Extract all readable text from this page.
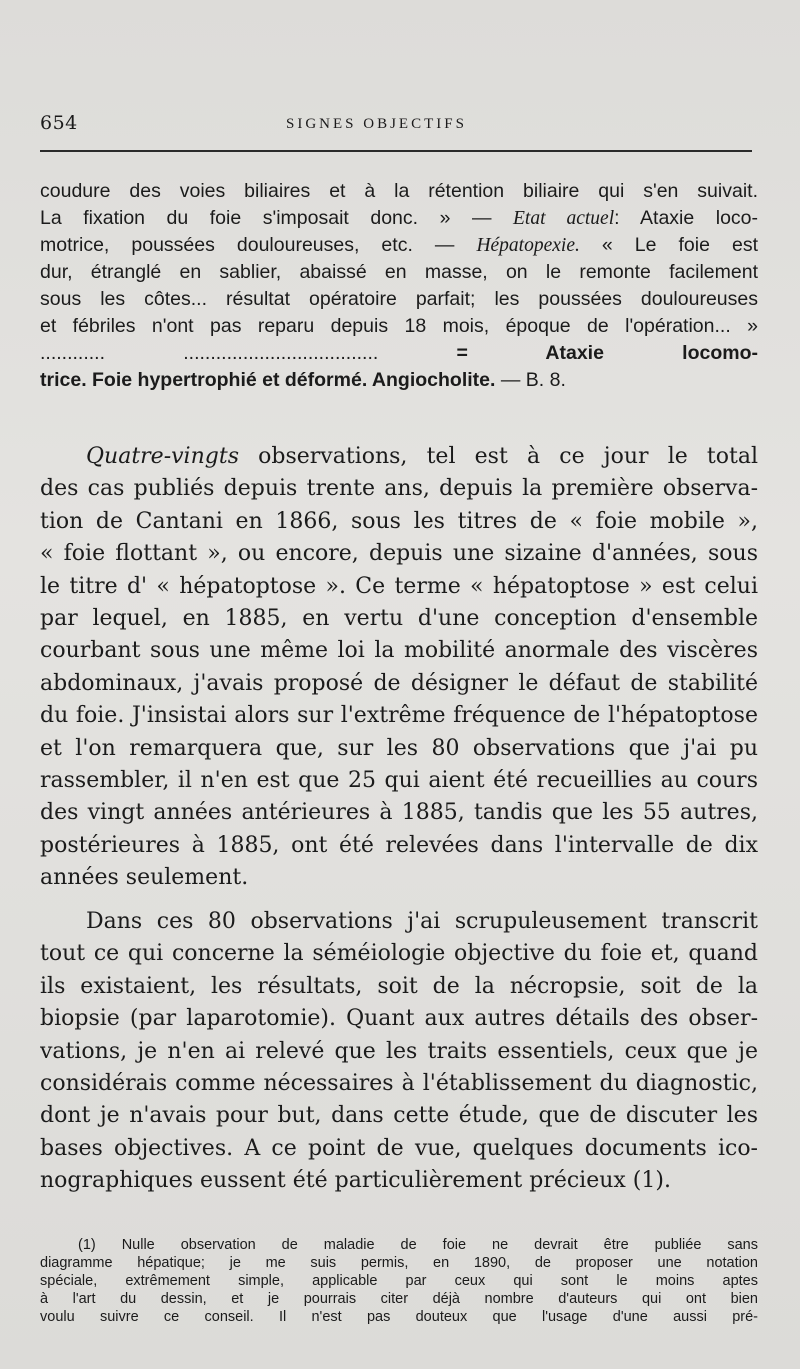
654	SIGNES OBJECTIFS
coudure des voies biliaires et à la rétention biliaire qui s'en suivait.
La fixation du foie s'imposait donc. » — Etat actuel: Ataxie loco-
motrice, poussées douloureuses, etc. — Hépatopexie. « Le foie est
dur, étranglé en sablier, abaissé en masse, on le remonte facilement
sous les côtes... résultat opératoire parfait; les poussées douloureuses
et fébriles n'ont pas reparu depuis 18 mois, époque de l'opération... »
............ .................................... = Ataxie locomo-
trice. Foie hypertrophié et déformé. Angiocholite. — B. 8.
Quatre-vingts observations, tel est à ce jour le total
des cas publiés depuis trente ans, depuis la première observa-
tion de Cantani en 1866, sous les titres de « foie mobile »,
« foie flottant », ou encore, depuis une sizaine d'années, sous
le titre d' « hépatoptose ». Ce terme « hépatoptose » est celui
par lequel, en 1885, en vertu d'une conception d'ensemble
courbant sous une même loi la mobilité anormale des viscères
abdominaux, j'avais proposé de désigner le défaut de stabilité
du foie. J'insistai alors sur l'extrême fréquence de l'hépatoptose
et l'on remarquera que, sur les 80 observations que j'ai pu
rassembler, il n'en est que 25 qui aient été recueillies au cours
des vingt années antérieures à 1885, tandis que les 55 autres,
postérieures à 1885, ont été relevées dans l'intervalle de dix
années seulement.
Dans ces 80 observations j'ai scrupuleusement transcrit
tout ce qui concerne la séméiologie objective du foie et, quand
ils existaient, les résultats, soit de la nécropsie, soit de la
biopsie (par laparotomie). Quant aux autres détails des obser-
vations, je n'en ai relevé que les traits essentiels, ceux que je
considérais comme nécessaires à l'établissement du diagnostic,
dont je n'avais pour but, dans cette étude, que de discuter les
bases objectives. A ce point de vue, quelques documents ico-
nographiques eussent été particulièrement précieux (1).
(1) Nulle observation de maladie de foie ne devrait être publiée sans
diagramme hépatique; je me suis permis, en 1890, de proposer une notation
spéciale, extrêmement simple, applicable par ceux qui sont le moins aptes
à l'art du dessin, et je pourrais citer déjà nombre d'auteurs qui ont bien
voulu suivre ce conseil. Il n'est pas douteux que l'usage d'une aussi pré-
